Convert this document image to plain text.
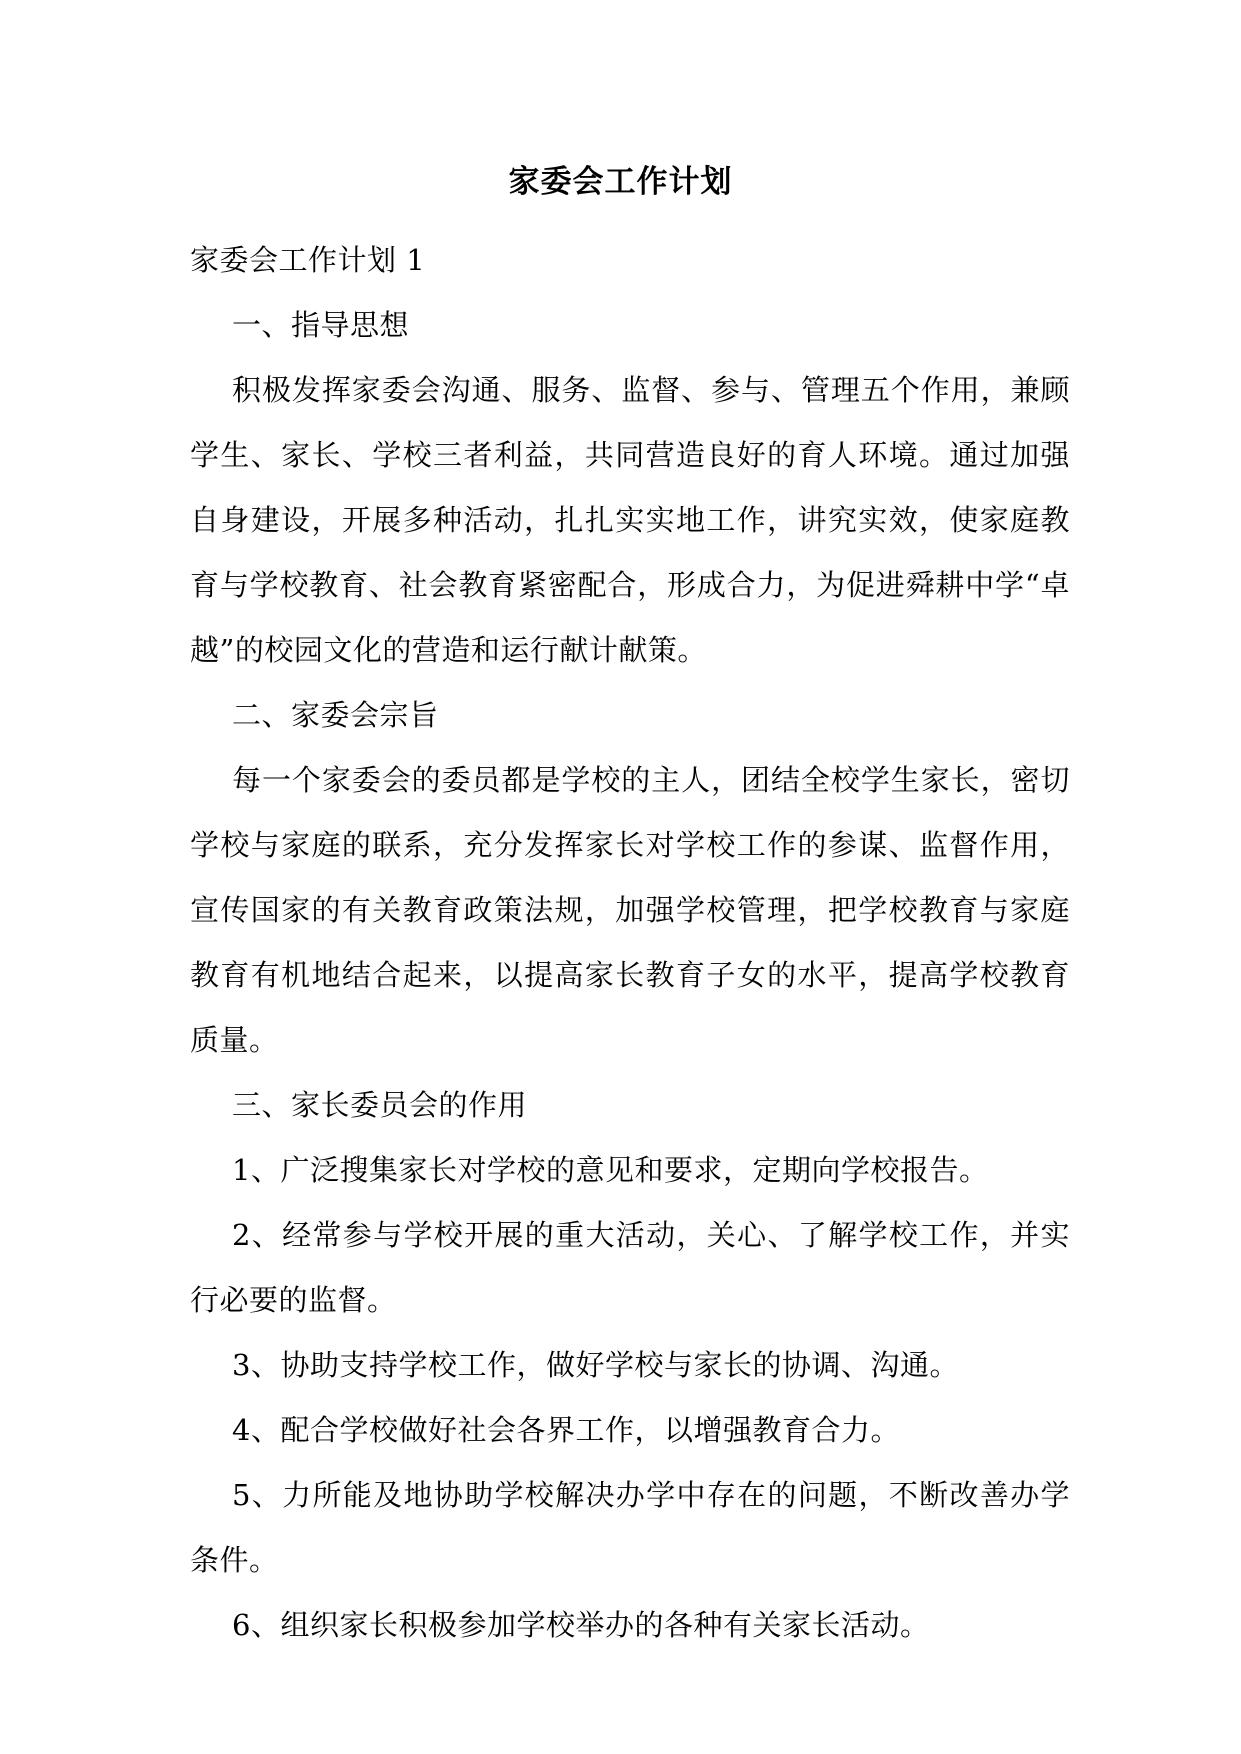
家委会工作计划

家委会工作计划 1

一、指导思想

积极发挥家委会沟通、服务、监督、参与、管理五个作用，兼顾学生、家长、学校三者利益，共同营造良好的育人环境。通过加强自身建设，开展多种活动，扎扎实实地工作，讲究实效，使家庭教育与学校教育、社会教育紧密配合，形成合力，为促进舜耕中学“卓越”的校园文化的营造和运行献计献策。

二、家委会宗旨

每一个家委会的委员都是学校的主人，团结全校学生家长，密切学校与家庭的联系，充分发挥家长对学校工作的参谋、监督作用，宣传国家的有关教育政策法规，加强学校管理，把学校教育与家庭教育有机地结合起来，以提高家长教育子女的水平，提高学校教育质量。

三、家长委员会的作用

1、广泛搜集家长对学校的意见和要求，定期向学校报告。

2、经常参与学校开展的重大活动，关心、了解学校工作，并实行必要的监督。

3、协助支持学校工作，做好学校与家长的协调、沟通。

4、配合学校做好社会各界工作，以增强教育合力。

5、力所能及地协助学校解决办学中存在的问题，不断改善办学条件。

6、组织家长积极参加学校举办的各种有关家长活动。
